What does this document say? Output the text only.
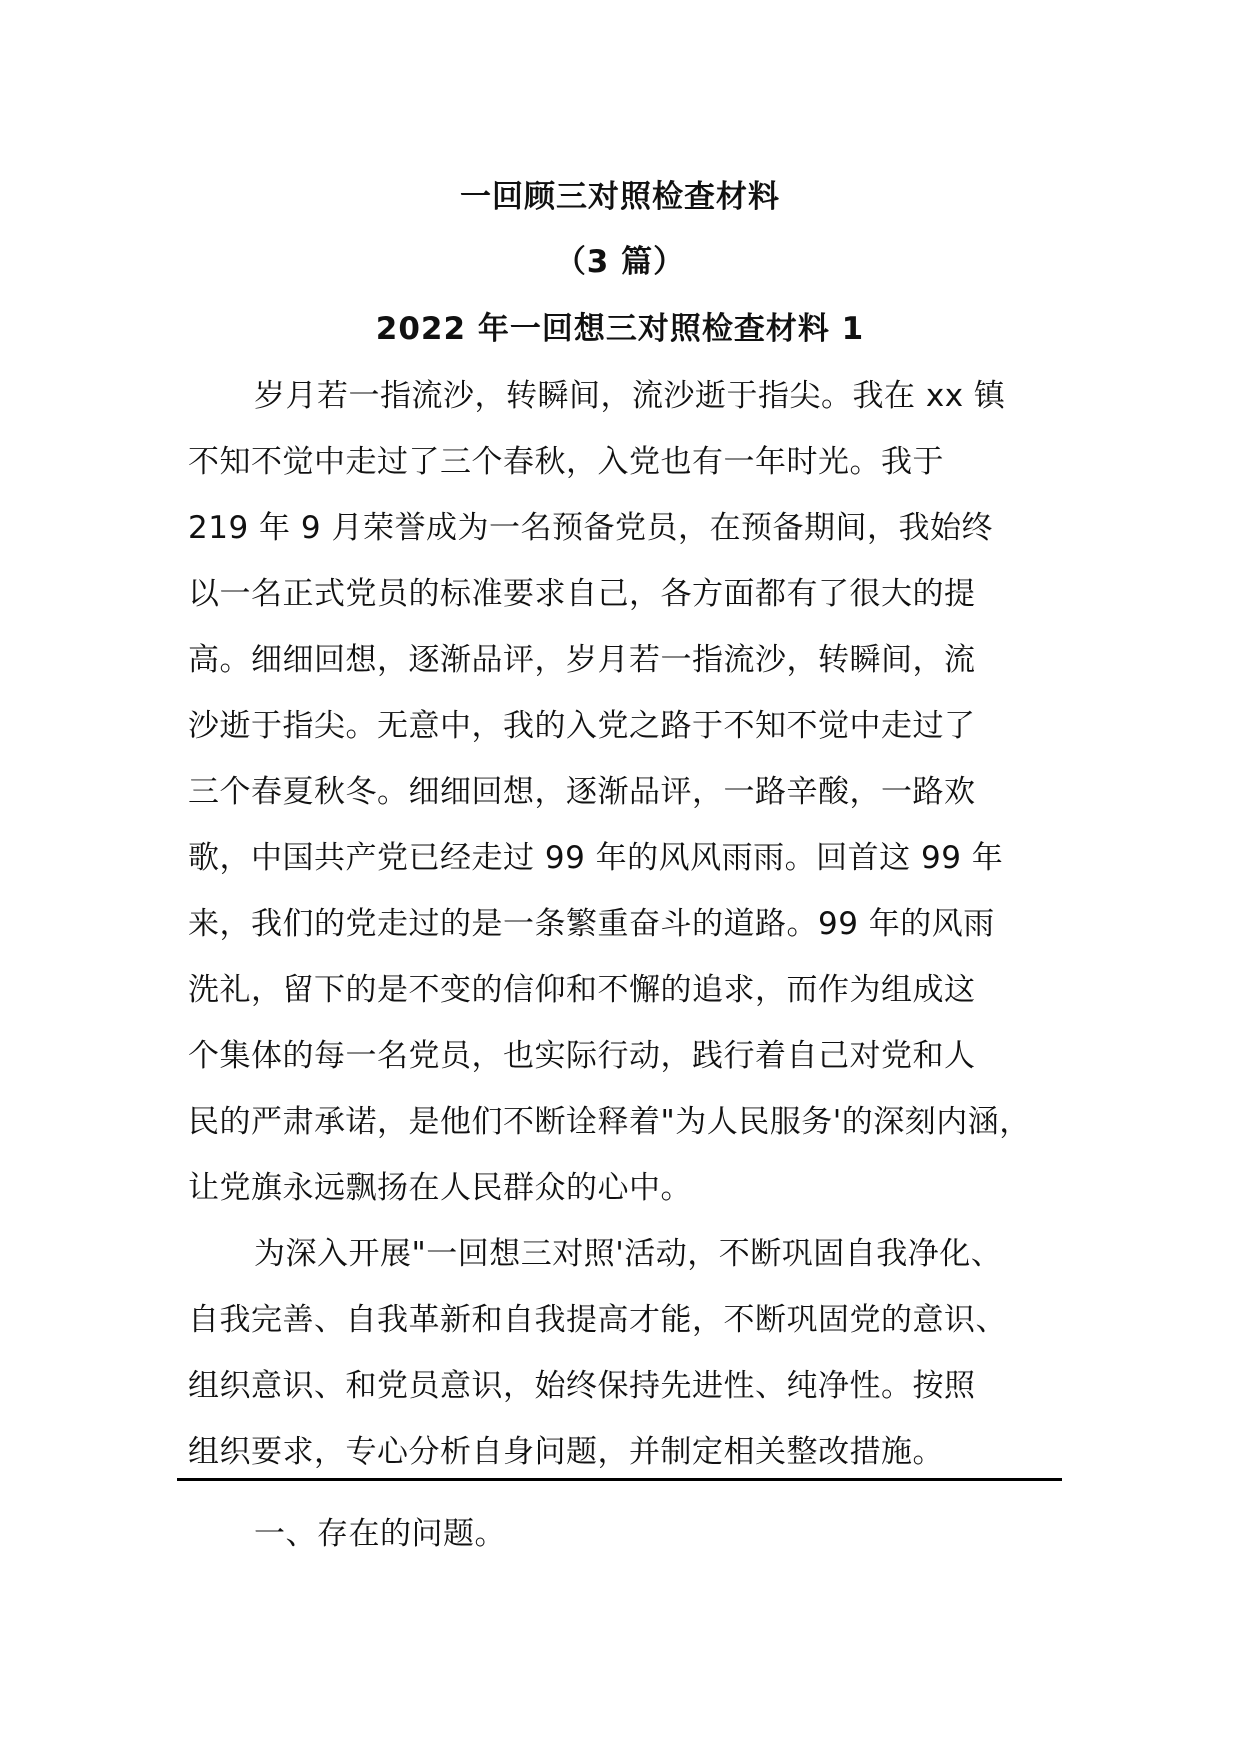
一回顾三对照检查材料
（3 篇）
2022 年一回想三对照检查材料 1
岁月若一指流沙，转瞬间，流沙逝于指尖。我在 xx 镇
不知不觉中走过了三个春秋，入党也有一年时光。我于
219 年 9 月荣誉成为一名预备党员，在预备期间，我始终
以一名正式党员的标准要求自己，各方面都有了很大的提
高。细细回想，逐渐品评，岁月若一指流沙，转瞬间，流
沙逝于指尖。无意中，我的入党之路于不知不觉中走过了
三个春夏秋冬。细细回想，逐渐品评，一路辛酸，一路欢
歌，中国共产党已经走过 99 年的风风雨雨。回首这 99 年
来，我们的党走过的是一条繁重奋斗的道路。99 年的风雨
洗礼，留下的是不变的信仰和不懈的追求，而作为组成这
个集体的每一名党员，也实际行动，践行着自己对党和人
民的严肃承诺，是他们不断诠释着"为人民服务'的深刻内涵，
让党旗永远飘扬在人民群众的心中。
为深入开展"一回想三对照'活动，不断巩固自我净化、
自我完善、自我革新和自我提高才能，不断巩固党的意识、
组织意识、和党员意识，始终保持先进性、纯净性。按照
组织要求，专心分析自身问题，并制定相关整改措施。
一、存在的问题。
